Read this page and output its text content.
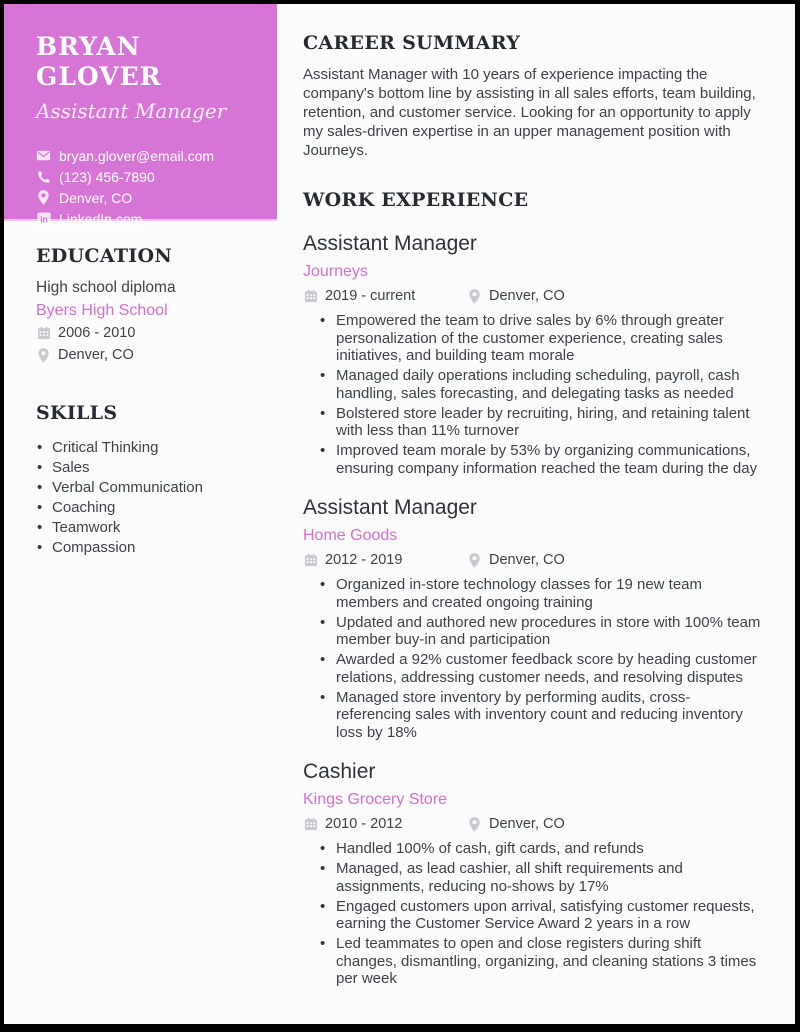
BRYAN GLOVER
Assistant Manager
bryan.glover@email.com
(123) 456-7890
Denver, CO
in LinkedIn.com
EDUCATION
High school diploma
Byers High School
2006 - 2010
Denver, CO
SKILLS
• Critical Thinking
• Sales
• Verbal Communication
• Coaching
• Teamwork
• Compassion
CAREER SUMMARY

Assistant Manager with 10 years of experience impacting the company's bottom line by assisting in all sales efforts, team building, retention, and customer service. Looking for an opportunity to apply my sales-driven expertise in an upper management position with Journeys.

WORK EXPERIENCE
Assistant Manager
Journeys
2019 - current	Denver, CO
• Empowered the team to drive sales by 6% through greater personalization of the customer experience, creating sales initiatives, and building team morale
• Managed daily operations including scheduling, payroll, cash handling, sales forecasting, and delegating tasks as needed
• Bolstered store leader by recruiting, hiring, and retaining talent with less than 11% turnover
• Improved team morale by 53% by organizing communications, ensuring company information reached the team during the day
Assistant Manager
Home Goods
2012 - 2019	Denver, CO
• Organized in-store technology classes for 19 new team members and created ongoing training
• Updated and authored new procedures in store with 100% team member buy-in and participation
• Awarded a 92% customer feedback score by heading customer relations, addressing customer needs, and resolving disputes
• Managed store inventory by performing audits, cross-referencing sales with inventory count and reducing inventory loss by 18%
Cashier
Kings Grocery Store
2010 - 2012	Denver, CO
• Handled 100% of cash, gift cards, and refunds
• Managed, as lead cashier, all shift requirements and assignments, reducing no-shows by 17%
• Engaged customers upon arrival, satisfying customer requests, earning the Customer Service Award 2 years in a row
• Led teammates to open and close registers during shift changes, dismantling, organizing, and cleaning stations 3 times per week
